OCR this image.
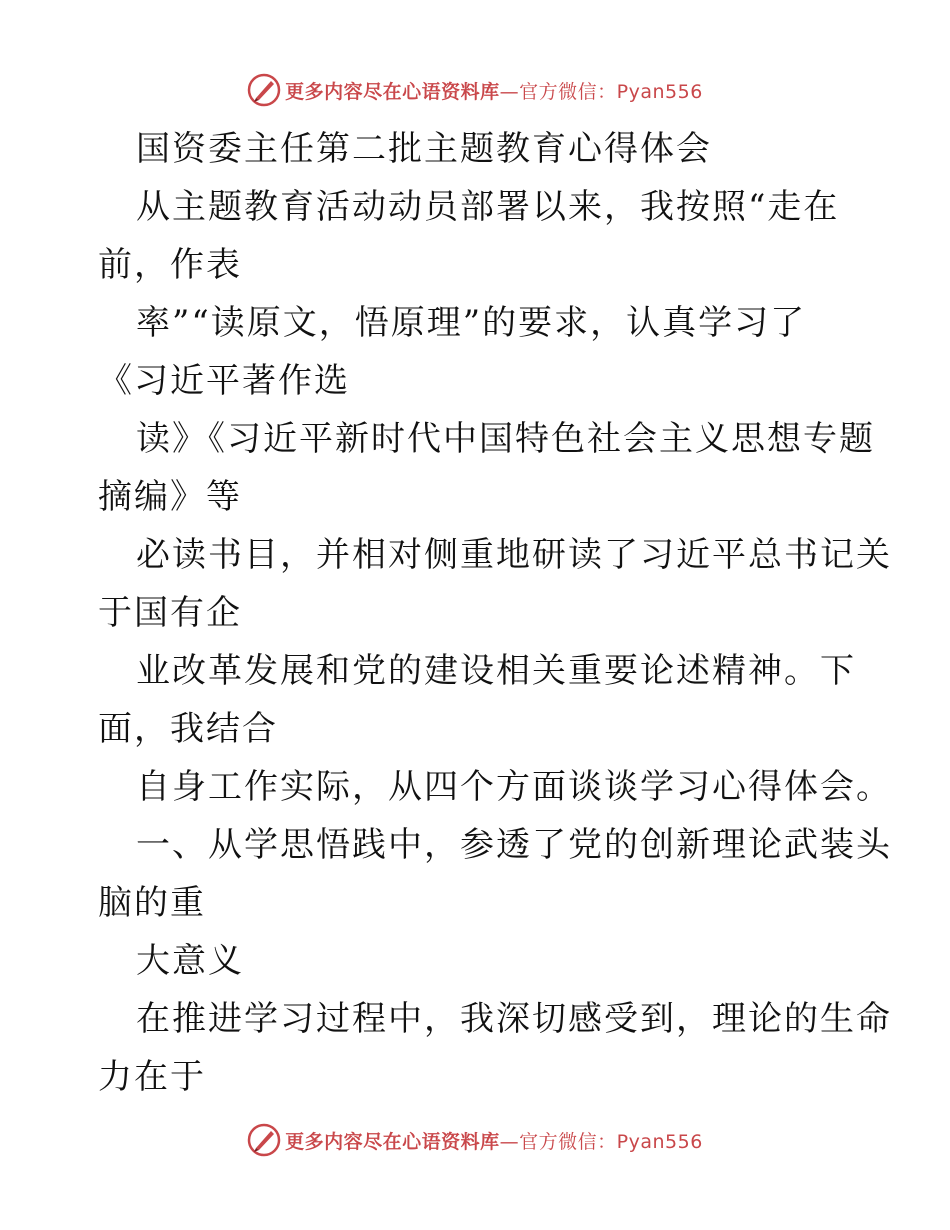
更多内容尽在心语资料库—官方微信：Pyan556
国资委主任第二批主题教育心得体会
从主题教育活动动员部署以来，我按照“走在
前，作表
率”“读原文，悟原理”的要求，认真学习了
《习近平著作选
读》《习近平新时代中国特色社会主义思想专题
摘编》等
必读书目，并相对侧重地研读了习近平总书记关
于国有企
业改革发展和党的建设相关重要论述精神。下
面，我结合
自身工作实际，从四个方面谈谈学习心得体会。
一、从学思悟践中，参透了党的创新理论武装头
脑的重
大意义
在推进学习过程中，我深切感受到，理论的生命
力在于
更多内容尽在心语资料库—官方微信：Pyan556
